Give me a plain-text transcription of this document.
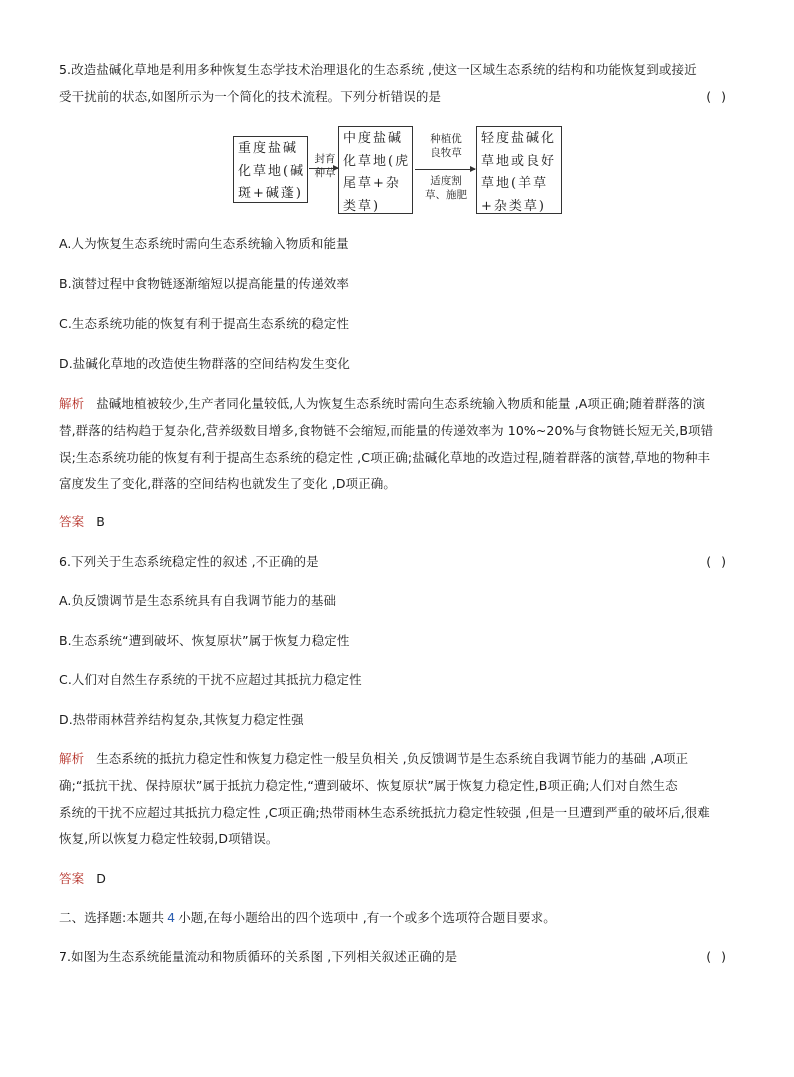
5.改造盐碱化草地是利用多种恢复生态学技术治理退化的生态系统 ,使这一区域生态系统的结构和功能恢复到或接近
受干扰前的状态,如图所示为一个简化的技术流程。下列分析错误的是	()
重度盐碱
化草地(碱
斑+碱蓬)
封育
种草
中度盐碱
化草地(虎
尾草+杂
类草)
种植优
良牧草
适度割
草、施肥
轻度盐碱化
草地或良好
草地(羊草
+杂类草)
A.人为恢复生态系统时需向生态系统输入物质和能量
B.演替过程中食物链逐渐缩短以提高能量的传递效率
C.生态系统功能的恢复有利于提高生态系统的稳定性
D.盐碱化草地的改造使生物群落的空间结构发生变化
解析 盐碱地植被较少,生产者同化量较低,人为恢复生态系统时需向生态系统输入物质和能量 ,A项正确;随着群落的演
替,群落的结构趋于复杂化,营养级数目增多,食物链不会缩短,而能量的传递效率为 10%~20%与食物链长短无关,B项错
误;生态系统功能的恢复有利于提高生态系统的稳定性 ,C项正确;盐碱化草地的改造过程,随着群落的演替,草地的物种丰
富度发生了变化,群落的空间结构也就发生了变化 ,D项正确。
答案 B
6.下列关于生态系统稳定性的叙述 ,不正确的是	()
A.负反馈调节是生态系统具有自我调节能力的基础
B.生态系统“遭到破坏、恢复原状”属于恢复力稳定性
C.人们对自然生存系统的干扰不应超过其抵抗力稳定性
D.热带雨林营养结构复杂,其恢复力稳定性强
解析 生态系统的抵抗力稳定性和恢复力稳定性一般呈负相关 ,负反馈调节是生态系统自我调节能力的基础 ,A项正
确;“抵抗干扰、保持原状”属于抵抗力稳定性,“遭到破坏、恢复原状”属于恢复力稳定性,B项正确;人们对自然生态
系统的干扰不应超过其抵抗力稳定性 ,C项正确;热带雨林生态系统抵抗力稳定性较强 ,但是一旦遭到严重的破坏后,很难
恢复,所以恢复力稳定性较弱,D项错误。
答案 D
二、选择题:本题共 4 小题,在每小题给出的四个选项中 ,有一个或多个选项符合题目要求。
7.如图为生态系统能量流动和物质循环的关系图 ,下列相关叙述正确的是	()
